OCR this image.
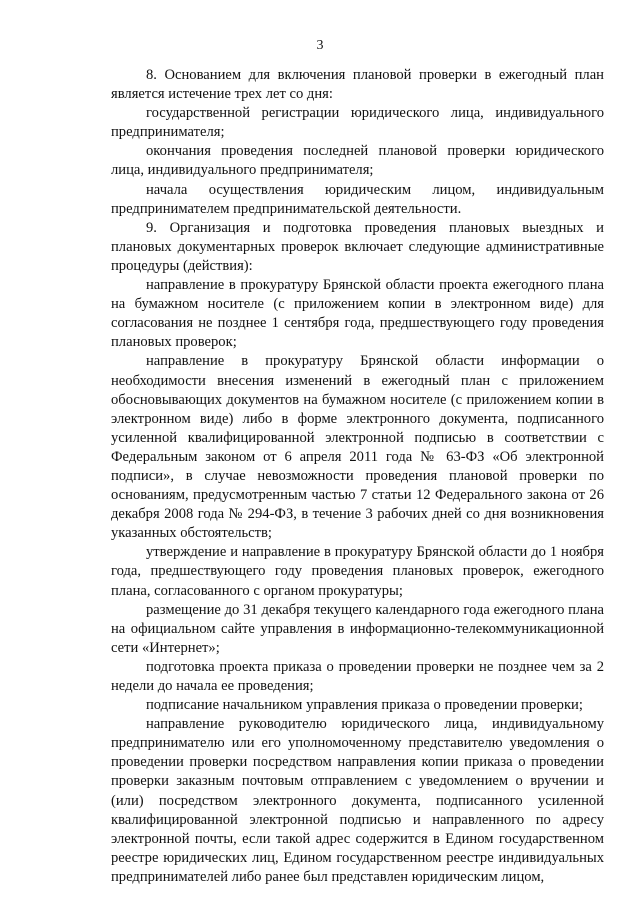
3

8. Основанием для включения плановой проверки в ежегодный план является истечение трех лет со дня:

государственной регистрации юридического лица, индивидуального предпринимателя;

окончания проведения последней плановой проверки юридического лица, индивидуального предпринимателя;

начала осуществления юридическим лицом, индивидуальным предпринимателем предпринимательской деятельности.

9. Организация и подготовка проведения плановых выездных и плановых документарных проверок включает следующие административные процедуры (действия):

направление в прокуратуру Брянской области проекта ежегодного плана на бумажном носителе (с приложением копии в электронном виде) для согласования не позднее 1 сентября года, предшествующего году проведения плановых проверок;

направление в прокуратуру Брянской области информации о необходимости внесения изменений в ежегодный план с приложением обосновывающих документов на бумажном носителе (с приложением копии в электронном виде) либо в форме электронного документа, подписанного усиленной квалифицированной электронной подписью в соответствии с Федеральным законом от 6 апреля 2011 года № 63-ФЗ «Об электронной подписи», в случае невозможности проведения плановой проверки по основаниям, предусмотренным частью 7 статьи 12 Федерального закона от 26 декабря 2008 года № 294-ФЗ, в течение 3 рабочих дней со дня возникновения указанных обстоятельств;

утверждение и направление в прокуратуру Брянской области до 1 ноября года, предшествующего году проведения плановых проверок, ежегодного плана, согласованного с органом прокуратуры;

размещение до 31 декабря текущего календарного года ежегодного плана на официальном сайте управления в информационно-телекоммуникационной сети «Интернет»;

подготовка проекта приказа о проведении проверки не позднее чем за 2 недели до начала ее проведения;

подписание начальником управления приказа о проведении проверки;

направление руководителю юридического лица, индивидуальному предпринимателю или его уполномоченному представителю уведомления о проведении проверки посредством направления копии приказа о проведении проверки заказным почтовым отправлением с уведомлением о вручении и (или) посредством электронного документа, подписанного усиленной квалифицированной электронной подписью и направленного по адресу электронной почты, если такой адрес содержится в Едином государственном реестре юридических лиц, Едином государственном реестре индивидуальных предпринимателей либо ранее был представлен юридическим лицом,
